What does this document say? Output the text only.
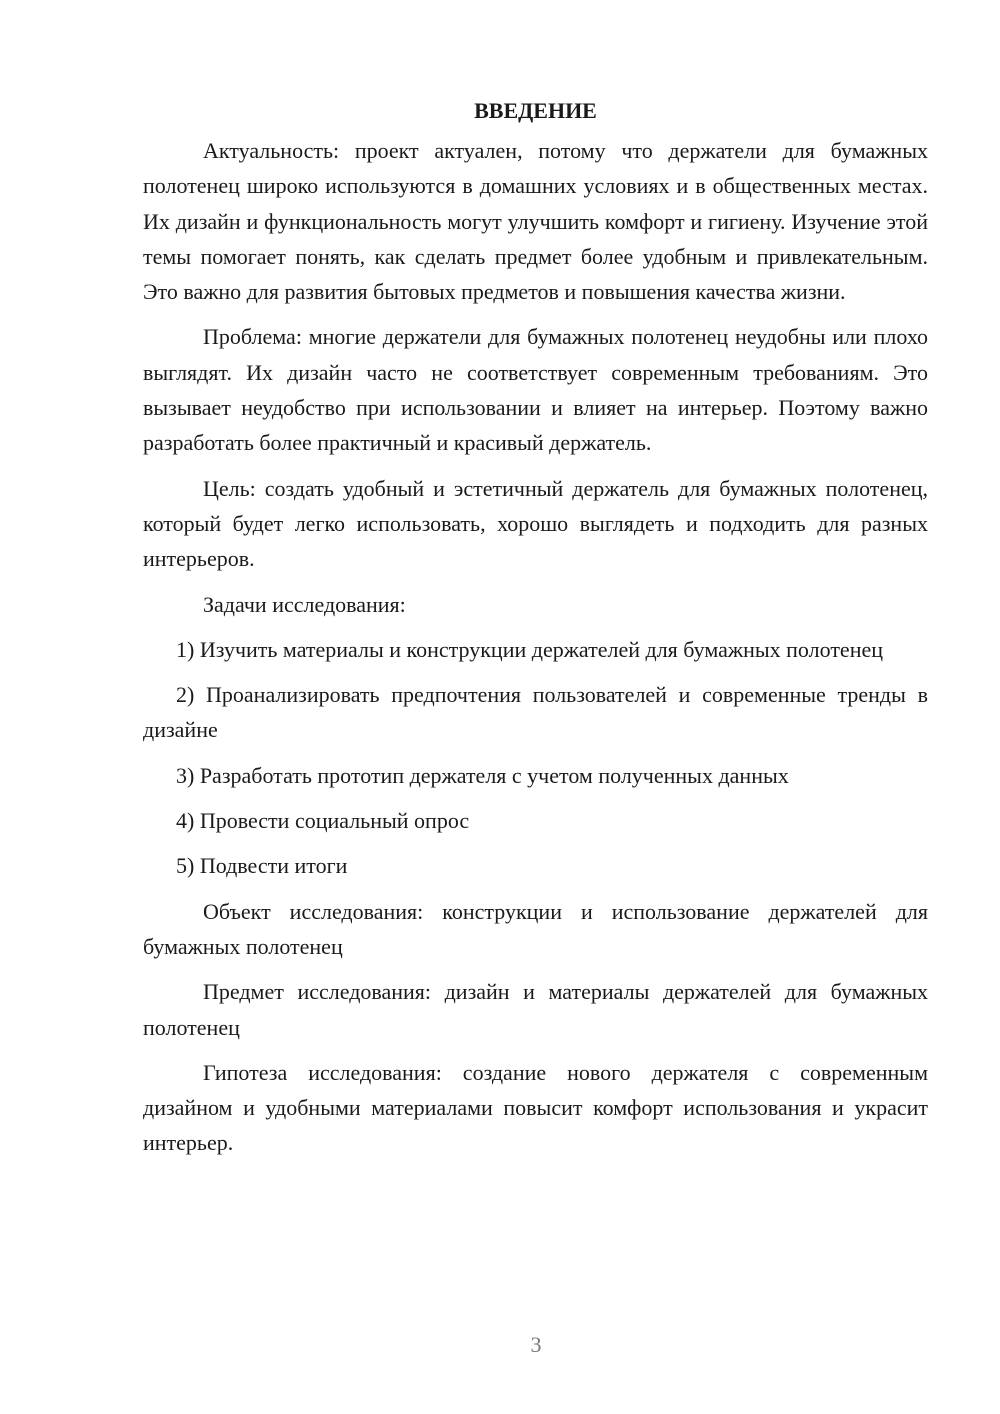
ВВЕДЕНИЕ

Актуальность: проект актуален, потому что держатели для бумажных полотенец широко используются в домашних условиях и в общественных местах. Их дизайн и функциональность могут улучшить комфорт и гигиену. Изучение этой темы помогает понять, как сделать предмет более удобным и привлекательным. Это важно для развития бытовых предметов и повышения качества жизни.

Проблема: многие держатели для бумажных полотенец неудобны или плохо выглядят. Их дизайн часто не соответствует современным требованиям. Это вызывает неудобство при использовании и влияет на интерьер. Поэтому важно разработать более практичный и красивый держатель.

Цель: создать удобный и эстетичный держатель для бумажных полотенец, который будет легко использовать, хорошо выглядеть и подходить для разных интерьеров.

Задачи исследования:

1) Изучить материалы и конструкции держателей для бумажных полотенец

2) Проанализировать предпочтения пользователей и современные тренды в дизайне

3) Разработать прототип держателя с учетом полученных данных

4) Провести социальный опрос

5) Подвести итоги

Объект исследования: конструкции и использование держателей для бумажных полотенец

Предмет исследования: дизайн и материалы держателей для бумажных полотенец

Гипотеза исследования: создание нового держателя с современным дизайном и удобными материалами повысит комфорт использования и украсит интерьер.

3
